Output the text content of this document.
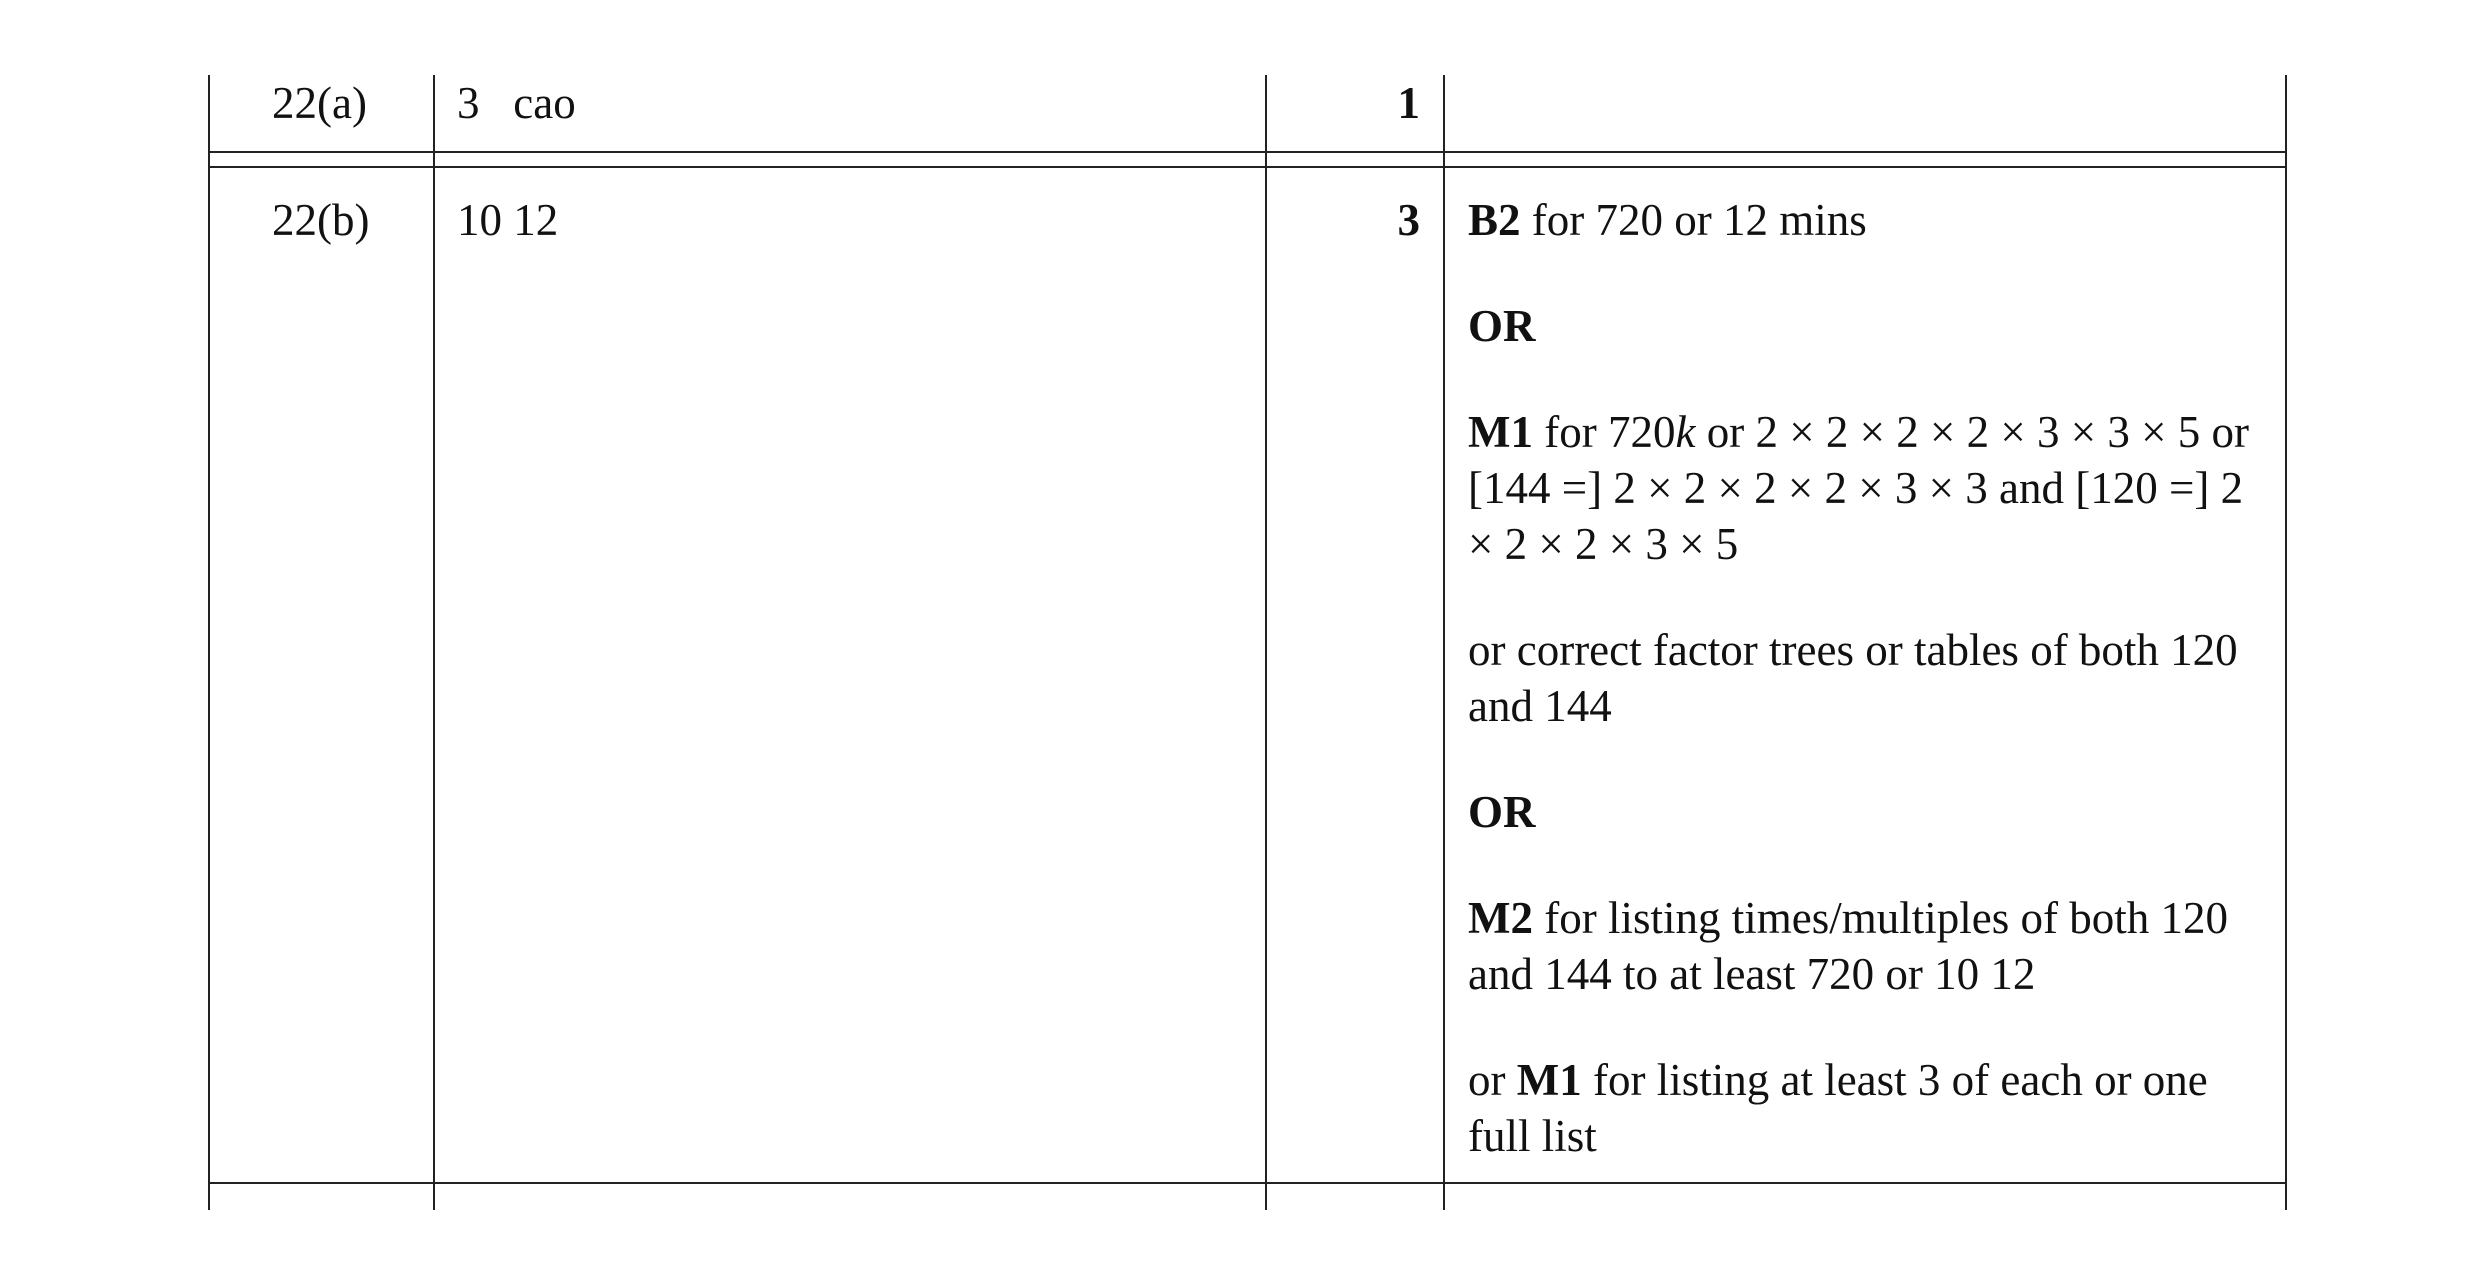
22(a) 3   cao	1
22(b) 10 12	3 B2 for 720 or 12 mins

OR

M1 for 720k or 2 × 2 × 2 × 2 × 3 × 3 × 5 or [144 =] 2 × 2 × 2 × 2 × 3 × 3 and [120 =] 2 × 2 × 2 × 3 × 5

or correct factor trees or tables of both 120 and 144

OR

M2 for listing times/multiples of both 120 and 144 to at least 720 or 10 12

or M1 for listing at least 3 of each or one full list
